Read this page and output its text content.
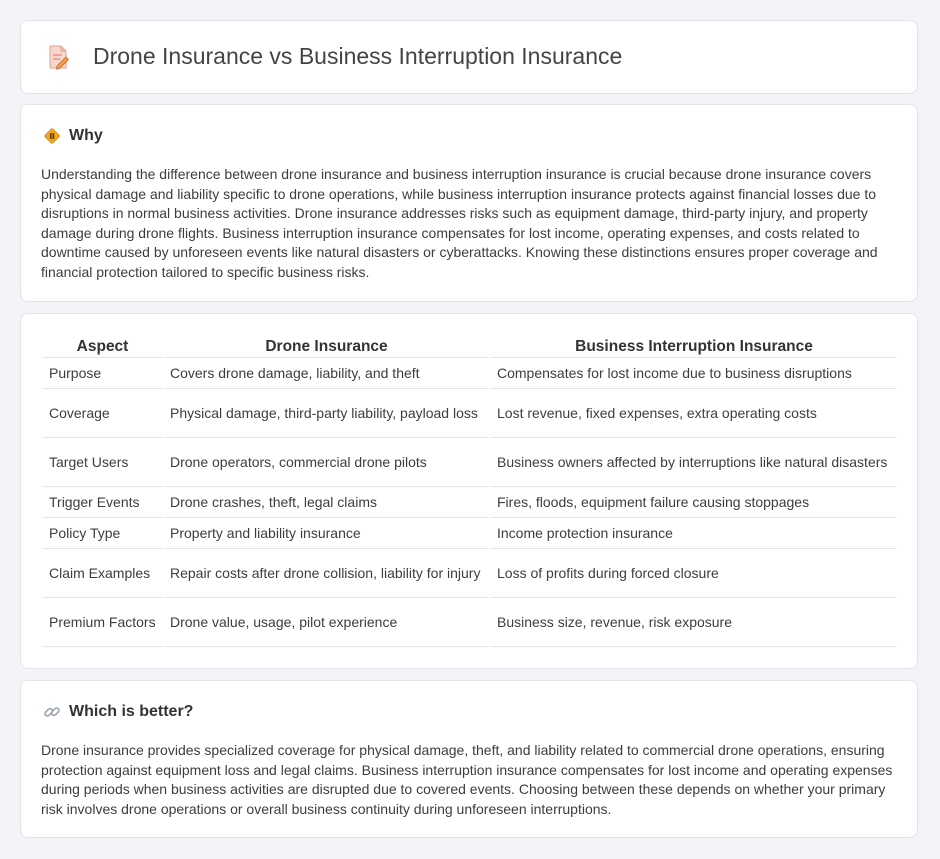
Drone Insurance vs Business Interruption Insurance
Why

Understanding the difference between drone insurance and business interruption insurance is crucial because drone insurance covers physical damage and liability specific to drone operations, while business interruption insurance protects against financial losses due to disruptions in normal business activities. Drone insurance addresses risks such as equipment damage, third-party injury, and property damage during drone flights. Business interruption insurance compensates for lost income, operating expenses, and costs related to downtime caused by unforeseen events like natural disasters or cyberattacks. Knowing these distinctions ensures proper coverage and financial protection tailored to specific business risks.

Aspect	Drone Insurance	Business Interruption Insurance
Purpose	Covers drone damage, liability, and theft	Compensates for lost income due to business disruptions
Coverage	Physical damage, third-party liability, payload loss	Lost revenue, fixed expenses, extra operating costs
Target Users	Drone operators, commercial drone pilots	Business owners affected by interruptions like natural disasters
Trigger Events	Drone crashes, theft, legal claims	Fires, floods, equipment failure causing stoppages
Policy Type	Property and liability insurance	Income protection insurance
Claim Examples	Repair costs after drone collision, liability for injury	Loss of profits during forced closure
Premium Factors	Drone value, usage, pilot experience	Business size, revenue, risk exposure
Which is better?

Drone insurance provides specialized coverage for physical damage, theft, and liability related to commercial drone operations, ensuring protection against equipment loss and legal claims. Business interruption insurance compensates for lost income and operating expenses during periods when business activities are disrupted due to covered events. Choosing between these depends on whether your primary risk involves drone operations or overall business continuity during unforeseen interruptions.
